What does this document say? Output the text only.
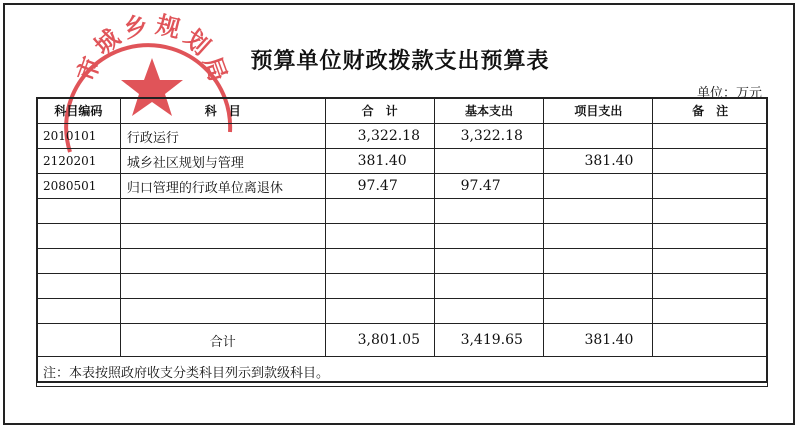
市
城
乡 规
划
局 预算单位财政拨款支出预算表
单位：万元
科目编码	科　目	合　计	基本支出	项目支出	备　注
2010101	行政运行	3,322.18	3,322.18		
2120201	城乡社区规划与管理	381.40		381.40	
2080501	归口管理的行政单位离退休	97.47	97.47		

	合计	3,801.05	3,419.65	381.40	
注：本表按照政府收支分类科目列示到款级科目。					
